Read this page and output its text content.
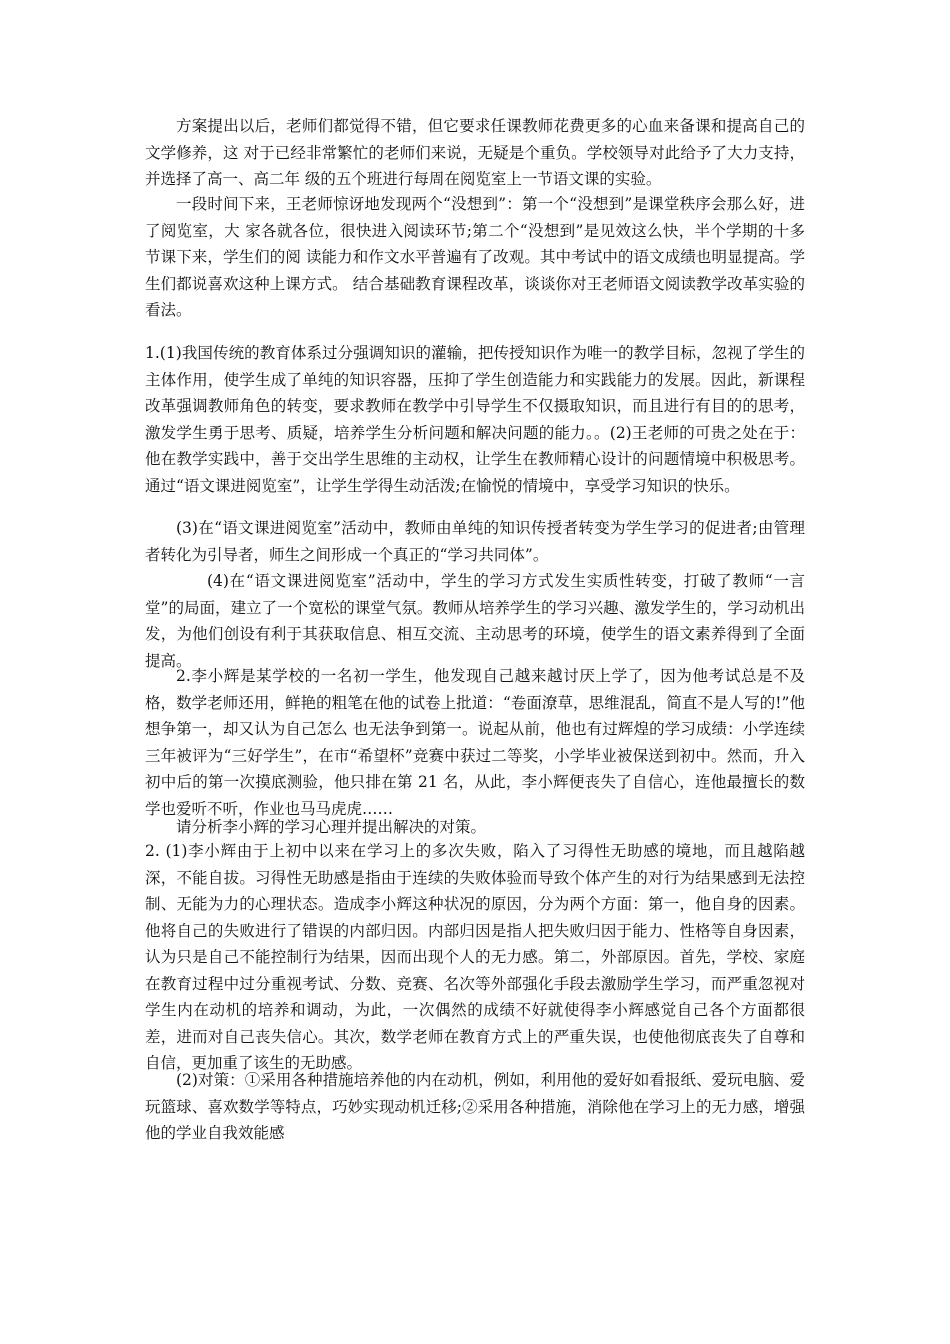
方案提出以后，老师们都觉得不错，但它要求任课教师花费更多的心血来备课和提高自己的文学修养，这 对于已经非常繁忙的老师们来说，无疑是个重负。学校领导对此给予了大力支持，并选择了高一、高二年 级的五个班进行每周在阅览室上一节语文课的实验。

一段时间下来，王老师惊讶地发现两个“没想到”：第一个“没想到”是课堂秩序会那么好，进了阅览室，大 家各就各位，很快进入阅读环节;第二个“没想到”是见效这么快，半个学期的十多节课下来，学生们的阅 读能力和作文水平普遍有了改观。其中考试中的语文成绩也明显提高。学生们都说喜欢这种上课方式。 结合基础教育课程改革，谈谈你对王老师语文阅读教学改革实验的看法。

1.(1)我国传统的教育体系过分强调知识的灌输，把传授知识作为唯一的教学目标，忽视了学生的主体作用，使学生成了单纯的知识容器，压抑了学生创造能力和实践能力的发展。因此，新课程改革强调教师角色的转变，要求教师在教学中引导学生不仅摄取知识，而且进行有目的的思考，激发学生勇于思考、质疑，培养学生分析问题和解决问题的能力。。(2)王老师的可贵之处在于：他在教学实践中，善于交出学生思维的主动权，让学生在教师精心设计的问题情境中积极思考。通过“语文课进阅览室”，让学生学得生动活泼;在愉悦的情境中，享受学习知识的快乐。

(3)在“语文课进阅览室”活动中，教师由单纯的知识传授者转变为学生学习的促进者;由管理者转化为引导者，师生之间形成一个真正的“学习共同体”。

(4)在“语文课进阅览室”活动中，学生的学习方式发生实质性转变，打破了教师“一言堂”的局面，建立了一个宽松的课堂气氛。教师从培养学生的学习兴趣、激发学生的，学习动机出发，为他们创设有利于其获取信息、相互交流、主动思考的环境，使学生的语文素养得到了全面提高。

2.李小辉是某学校的一名初一学生，他发现自己越来越讨厌上学了，因为他考试总是不及格，数学老师还用，鲜艳的粗笔在他的试卷上批道：“卷面潦草，思维混乱，简直不是人写的!”他想争第一，却又认为自己怎么 也无法争到第一。说起从前，他也有过辉煌的学习成绩：小学连续三年被评为“三好学生”，在市“希望杯”竞赛中获过二等奖，小学毕业被保送到初中。然而，升入初中后的第一次摸底测验，他只排在第 21 名，从此，李小辉便丧失了自信心，连他最擅长的数学也爱听不听，作业也马马虎虎……

请分析李小辉的学习心理并提出解决的对策。

2. (1)李小辉由于上初中以来在学习上的多次失败，陷入了习得性无助感的境地，而且越陷越深，不能自拔。习得性无助感是指由于连续的失败体验而导致个体产生的对行为结果感到无法控制、无能为力的心理状态。造成李小辉这种状况的原因，分为两个方面：第一，他自身的因素。他将自己的失败进行了错误的内部归因。内部归因是指人把失败归因于能力、性格等自身因素，认为只是自己不能控制行为结果，因而出现个人的无力感。第二，外部原因。首先，学校、家庭在教育过程中过分重视考试、分数、竞赛、名次等外部强化手段去激励学生学习，而严重忽视对学生内在动机的培养和调动，为此，一次偶然的成绩不好就使得李小辉感觉自己各个方面都很差，进而对自己丧失信心。其次，数学老师在教育方式上的严重失误，也使他彻底丧失了自尊和自信，更加重了该生的无助感。

(2)对策：①采用各种措施培养他的内在动机，例如，利用他的爱好如看报纸、爱玩电脑、爱玩篮球、喜欢数学等特点，巧妙实现动机迁移;②采用各种措施，消除他在学习上的无力感，增强他的学业自我效能感
